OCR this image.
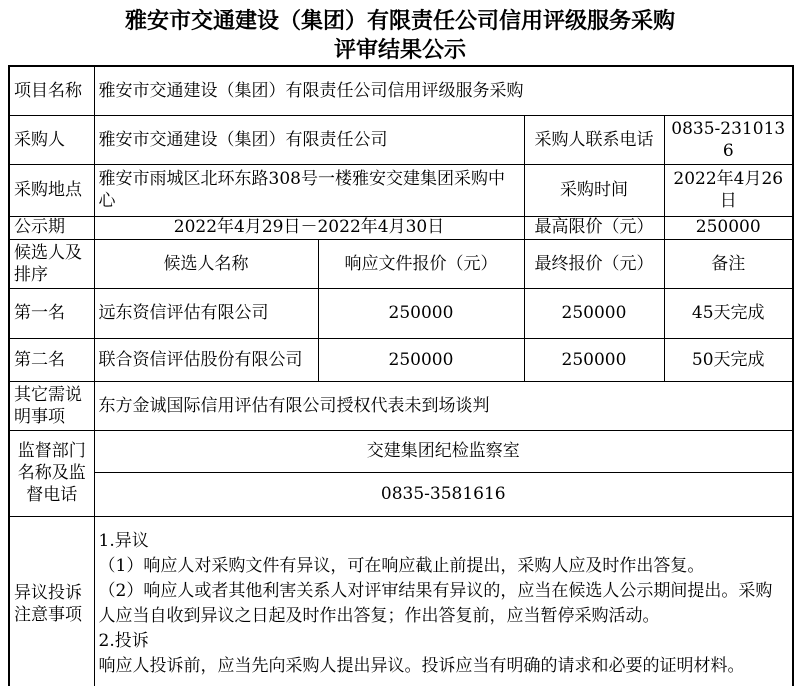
雅安市交通建设（集团）有限责任公司信用评级服务采购
评审结果公示
项目名称	雅安市交通建设（集团）有限责任公司信用评级服务采购			
采购人	雅安市交通建设（集团）有限责任公司		采购人联系电话	0835-2310136
采购地点	雅安市雨城区北环东路308号一楼雅安交建集团采购中心		采购时间	2022年4月26日
公示期	2022年4月29日－2022年4月30日		最高限价（元）	250000
候选人及排序	候选人名称	响应文件报价（元）	最终报价（元）	备注
第一名	远东资信评估有限公司	250000	250000	45天完成
第二名	联合资信评估股份有限公司	250000	250000	50天完成
其它需说明事项	东方金诚国际信用评估有限公司授权代表未到场谈判			
监督部门名称及监督电话	交建集团纪检监察室			
	0835-3581616			
异议投诉注意事项	1.异议
（1）响应人对采购文件有异议，可在响应截止前提出，采购人应及时作出答复。
（2）响应人或者其他利害关系人对评审结果有异议的，应当在候选人公示期间提出。采购人应当自收到异议之日起及时作出答复；作出答复前，应当暂停采购活动。
2.投诉
响应人投诉前，应当先向采购人提出异议。投诉应当有明确的请求和必要的证明材料。			
